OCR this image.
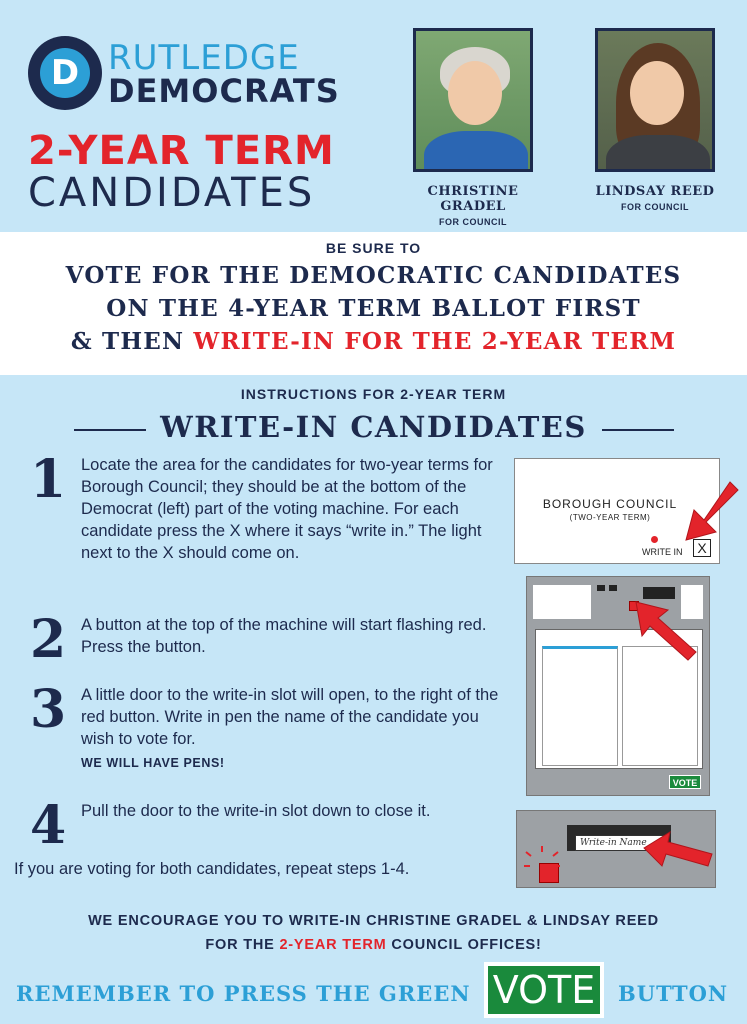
D RUTLEDGE
DEMOCRATS
2-YEAR TERM
CANDIDATES	CHRISTINE GRADEL
FOR COUNCIL
LINDSAY REED
FOR COUNCIL
BE SURE TO
VOTE FOR THE DEMOCRATIC CANDIDATES
ON THE 4-YEAR TERM BALLOT FIRST
& THEN WRITE-IN FOR THE 2-YEAR TERM
INSTRUCTIONS FOR 2-YEAR TERM
WRITE-IN CANDIDATES
1 Locate the area for the candidates for two-year terms for Borough Council; they should be at the bottom of the Democrat (left) part of the voting machine. For each candidate press the X where it says “write in.” The light next to the X should come on.
2 A button at the top of the machine will start flashing red. Press the button.
3 A little door to the write-in slot will open, to the right of the red button. Write in pen the name of the candidate you wish to vote for.
WE WILL HAVE PENS!
4 Pull the door to the write-in slot down to close it.
If you are voting for both candidates, repeat steps 1-4.
BOROUGH COUNCIL
(TWO-YEAR TERM)
WRITE IN	X
VOTE
Write-in Name
WE ENCOURAGE YOU TO WRITE-IN CHRISTINE GRADEL & LINDSAY REED
FOR THE 2-YEAR TERM COUNCIL OFFICES!
REMEMBER TO PRESS THE GREEN VOTE	BUTTON
